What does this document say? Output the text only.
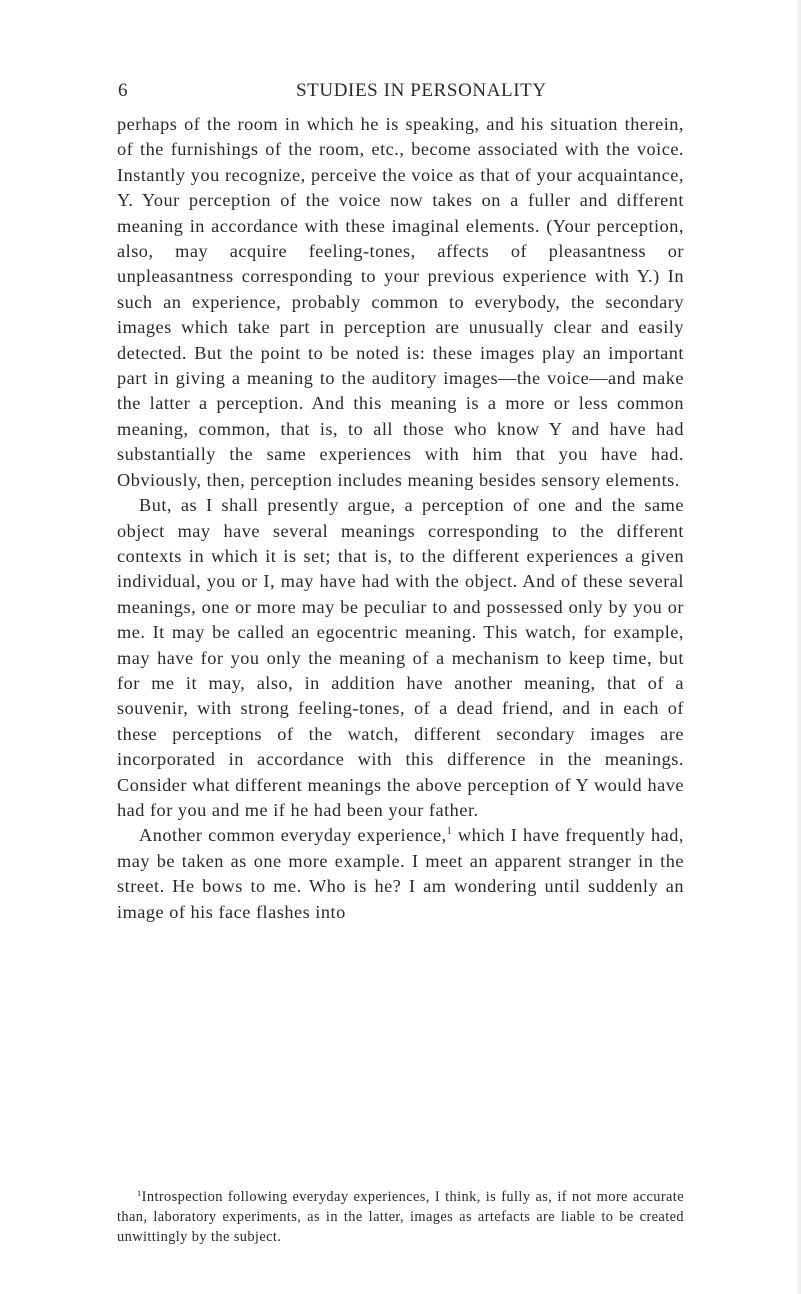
6	STUDIES IN PERSONALITY

perhaps of the room in which he is speaking, and his situation therein, of the furnishings of the room, etc., become associated with the voice. Instantly you recognize, perceive the voice as that of your acquaintance, Y. Your perception of the voice now takes on a fuller and different meaning in accordance with these imaginal elements. (Your perception, also, may acquire feeling-tones, affects of pleasantness or unpleasantness corresponding to your previous experience with Y.) In such an experience, probably common to everybody, the secondary images which take part in perception are unusually clear and easily detected. But the point to be noted is: these images play an important part in giving a meaning to the auditory images—the voice—and make the latter a perception. And this meaning is a more or less common meaning, common, that is, to all those who know Y and have had substantially the same experiences with him that you have had. Obviously, then, perception includes meaning besides sensory elements.

But, as I shall presently argue, a perception of one and the same object may have several meanings corresponding to the different contexts in which it is set; that is, to the different experiences a given individual, you or I, may have had with the object. And of these several meanings, one or more may be peculiar to and possessed only by you or me. It may be called an egocentric meaning. This watch, for example, may have for you only the meaning of a mechanism to keep time, but for me it may, also, in addition have another meaning, that of a souvenir, with strong feeling-tones, of a dead friend, and in each of these perceptions of the watch, different secondary images are incorporated in accordance with this difference in the meanings. Consider what different meanings the above perception of Y would have had for you and me if he had been your father.

Another common everyday experience,$^1$ which I have frequently had, may be taken as one more example. I meet an apparent stranger in the street. He bows to me. Who is he? I am wondering until suddenly an image of his face flashes into

$^1$Introspection following everyday experiences, I think, is fully as, if not more accurate than, laboratory experiments, as in the latter, images as artefacts are liable to be created unwittingly by the subject.
